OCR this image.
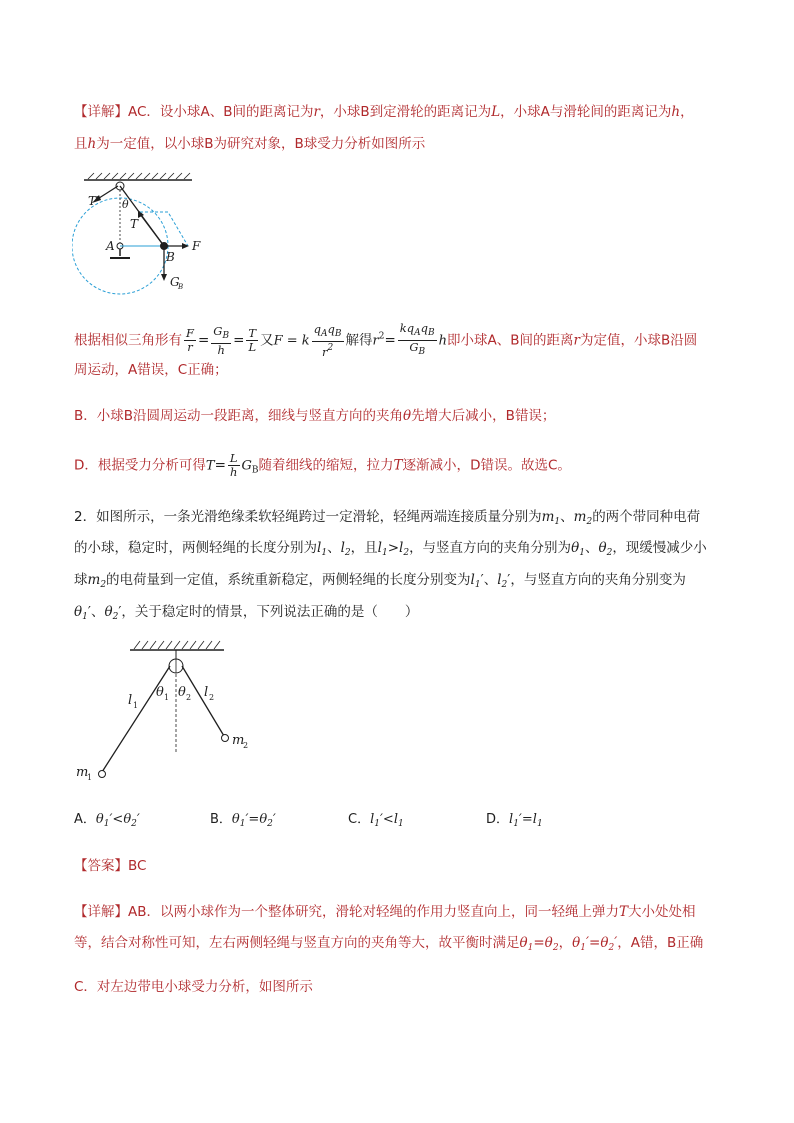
【详解】AC．设小球A、B间的距离记为r，小球B到定滑轮的距离记为L，小球A与滑轮间的距离记为h，
且h为一定值，以小球B为研究对象，B球受力分析如图所示
T′ θ
T
A
B
F
G
B
根据相似三角形有 $\frac{F}{r} = \frac{G_B}{h} = \frac{T}{L}$ 又F = k $\frac{q_Aq_B}{r^2}$ 解得$r^2= \frac{kq_Aq_B}{G_B}$ h即小球A、B间的距离r为定值，小球B沿圆
周运动，A错误，C正确；
B．小球B沿圆周运动一段距离，细线与竖直方向的夹角θ先增大后减小，B错误；
D．根据受力分析可得$T= \frac{L}{h} G_B$随着细线的缩短，拉力T逐渐减小，D错误。故选C。
2．如图所示，一条光滑绝缘柔软轻绳跨过一定滑轮，轻绳两端连接质量分别为$m_1$、$m_2$的两个带同种电荷
的小球，稳定时，两侧轻绳的长度分别为$l_1$、$l_2$，且$l_1>l_2$，与竖直方向的夹角分别为$\theta_1$、$\theta_2$，现缓慢减少小
球$m_2$的电荷量到一定值，系统重新稳定，两侧轻绳的长度分别变为$l_1'$、$l_2'$，与竖直方向的夹角分别变为
$\theta_1'$、$\theta_2'$，关于稳定时的情景，下列说法正确的是（　　）
l 1
θ 1 θ 2 l 2
m
2
m
1
A．$\theta_1'<\theta_2'$	B．$\theta_1'=\theta_2'$	C．$l_1'<l_1$	D．$l_1'=l_1$
【答案】BC
【详解】AB．以两小球作为一个整体研究，滑轮对轻绳的作用力竖直向上，同一轻绳上弹力T大小处处相
等，结合对称性可知，左右两侧轻绳与竖直方向的夹角等大，故平衡时满足$\theta_1=\theta_2$，$\theta_1'=\theta_2'$，A错，B正确
C．对左边带电小球受力分析，如图所示
